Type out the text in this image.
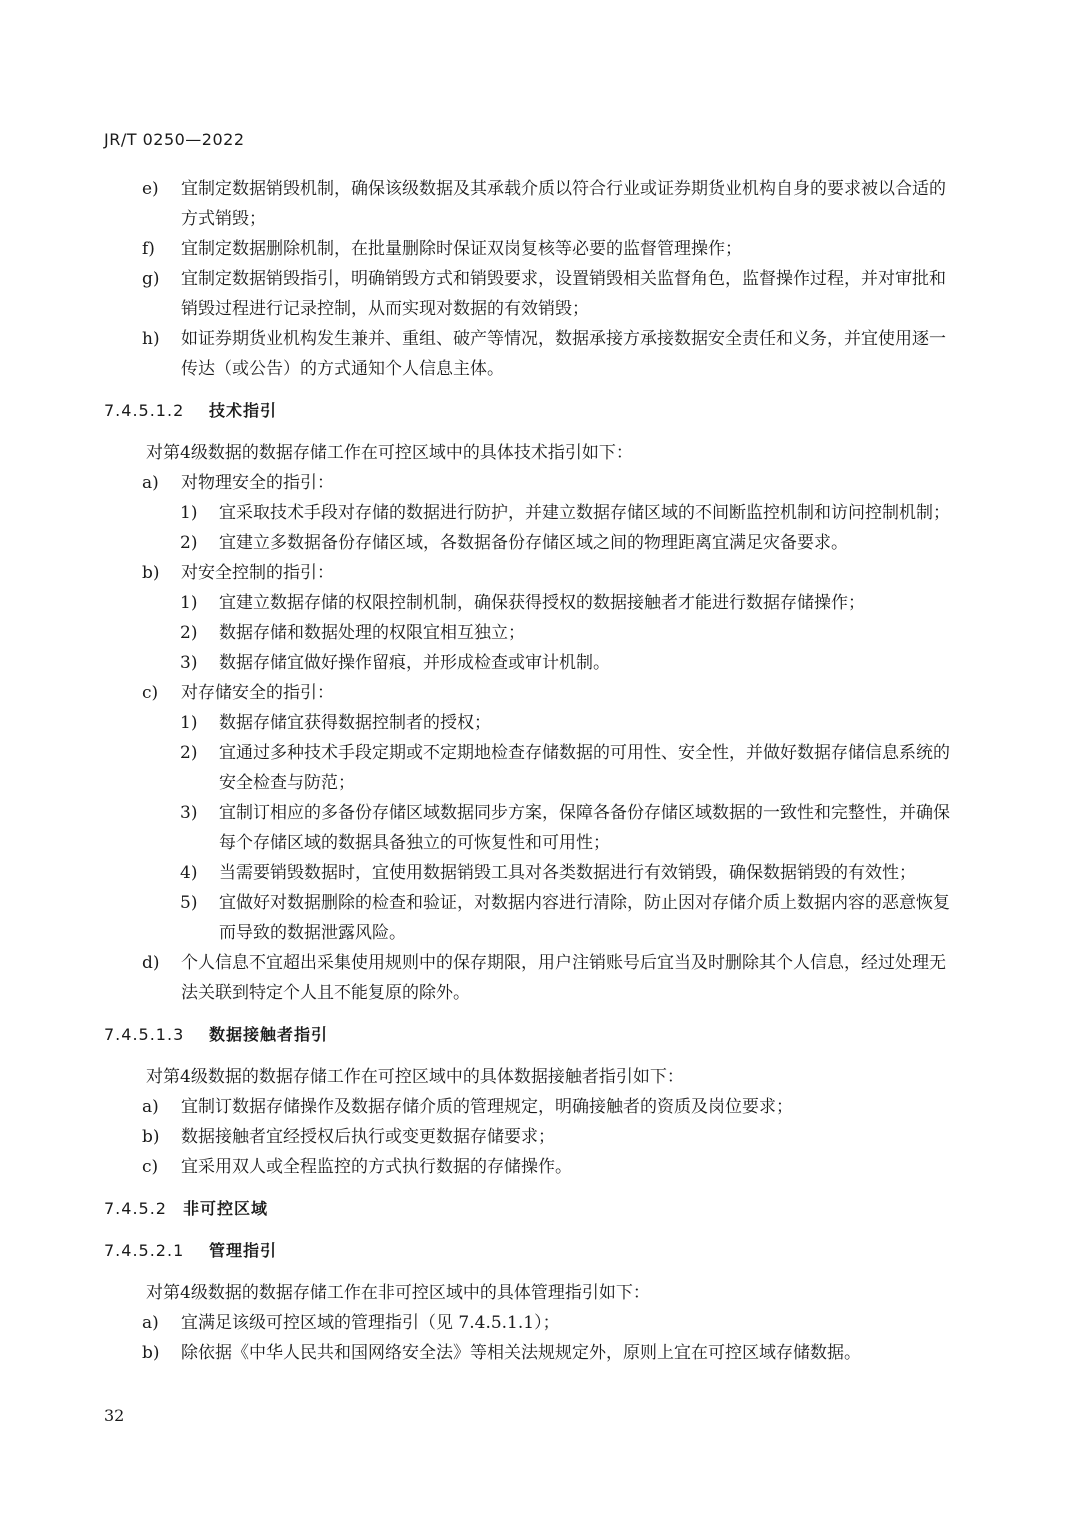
JR/T 0250—2022

e) 宜制定数据销毁机制，确保该级数据及其承载介质以符合行业或证券期货业机构自身的要求被以合适的方式销毁；

f) 宜制定数据删除机制，在批量删除时保证双岗复核等必要的监督管理操作；

g) 宜制定数据销毁指引，明确销毁方式和销毁要求，设置销毁相关监督角色，监督操作过程，并对审批和销毁过程进行记录控制，从而实现对数据的有效销毁；

h) 如证券期货业机构发生兼并、重组、破产等情况，数据承接方承接数据安全责任和义务，并宜使用逐一传达（或公告）的方式通知个人信息主体。

7.4.5.1.2 技术指引

对第4级数据的数据存储工作在可控区域中的具体技术指引如下：

a) 对物理安全的指引：

1) 宜采取技术手段对存储的数据进行防护，并建立数据存储区域的不间断监控机制和访问控制机制；

2) 宜建立多数据备份存储区域，各数据备份存储区域之间的物理距离宜满足灾备要求。

b) 对安全控制的指引：

1) 宜建立数据存储的权限控制机制，确保获得授权的数据接触者才能进行数据存储操作；

2) 数据存储和数据处理的权限宜相互独立；

3) 数据存储宜做好操作留痕，并形成检查或审计机制。

c) 对存储安全的指引：

1) 数据存储宜获得数据控制者的授权；

2) 宜通过多种技术手段定期或不定期地检查存储数据的可用性、安全性，并做好数据存储信息系统的安全检查与防范；

3) 宜制订相应的多备份存储区域数据同步方案，保障各备份存储区域数据的一致性和完整性，并确保每个存储区域的数据具备独立的可恢复性和可用性；

4) 当需要销毁数据时，宜使用数据销毁工具对各类数据进行有效销毁，确保数据销毁的有效性；

5) 宜做好对数据删除的检查和验证，对数据内容进行清除，防止因对存储介质上数据内容的恶意恢复而导致的数据泄露风险。

d) 个人信息不宜超出采集使用规则中的保存期限，用户注销账号后宜当及时删除其个人信息，经过处理无法关联到特定个人且不能复原的除外。

7.4.5.1.3 数据接触者指引

对第4级数据的数据存储工作在可控区域中的具体数据接触者指引如下：

a) 宜制订数据存储操作及数据存储介质的管理规定，明确接触者的资质及岗位要求；

b) 数据接触者宜经授权后执行或变更数据存储要求；

c) 宜采用双人或全程监控的方式执行数据的存储操作。

7.4.5.2 非可控区域
7.4.5.2.1 管理指引

对第4级数据的数据存储工作在非可控区域中的具体管理指引如下：

a) 宜满足该级可控区域的管理指引（见 7.4.5.1.1）；

b) 除依据《中华人民共和国网络安全法》等相关法规规定外，原则上宜在可控区域存储数据。

32
